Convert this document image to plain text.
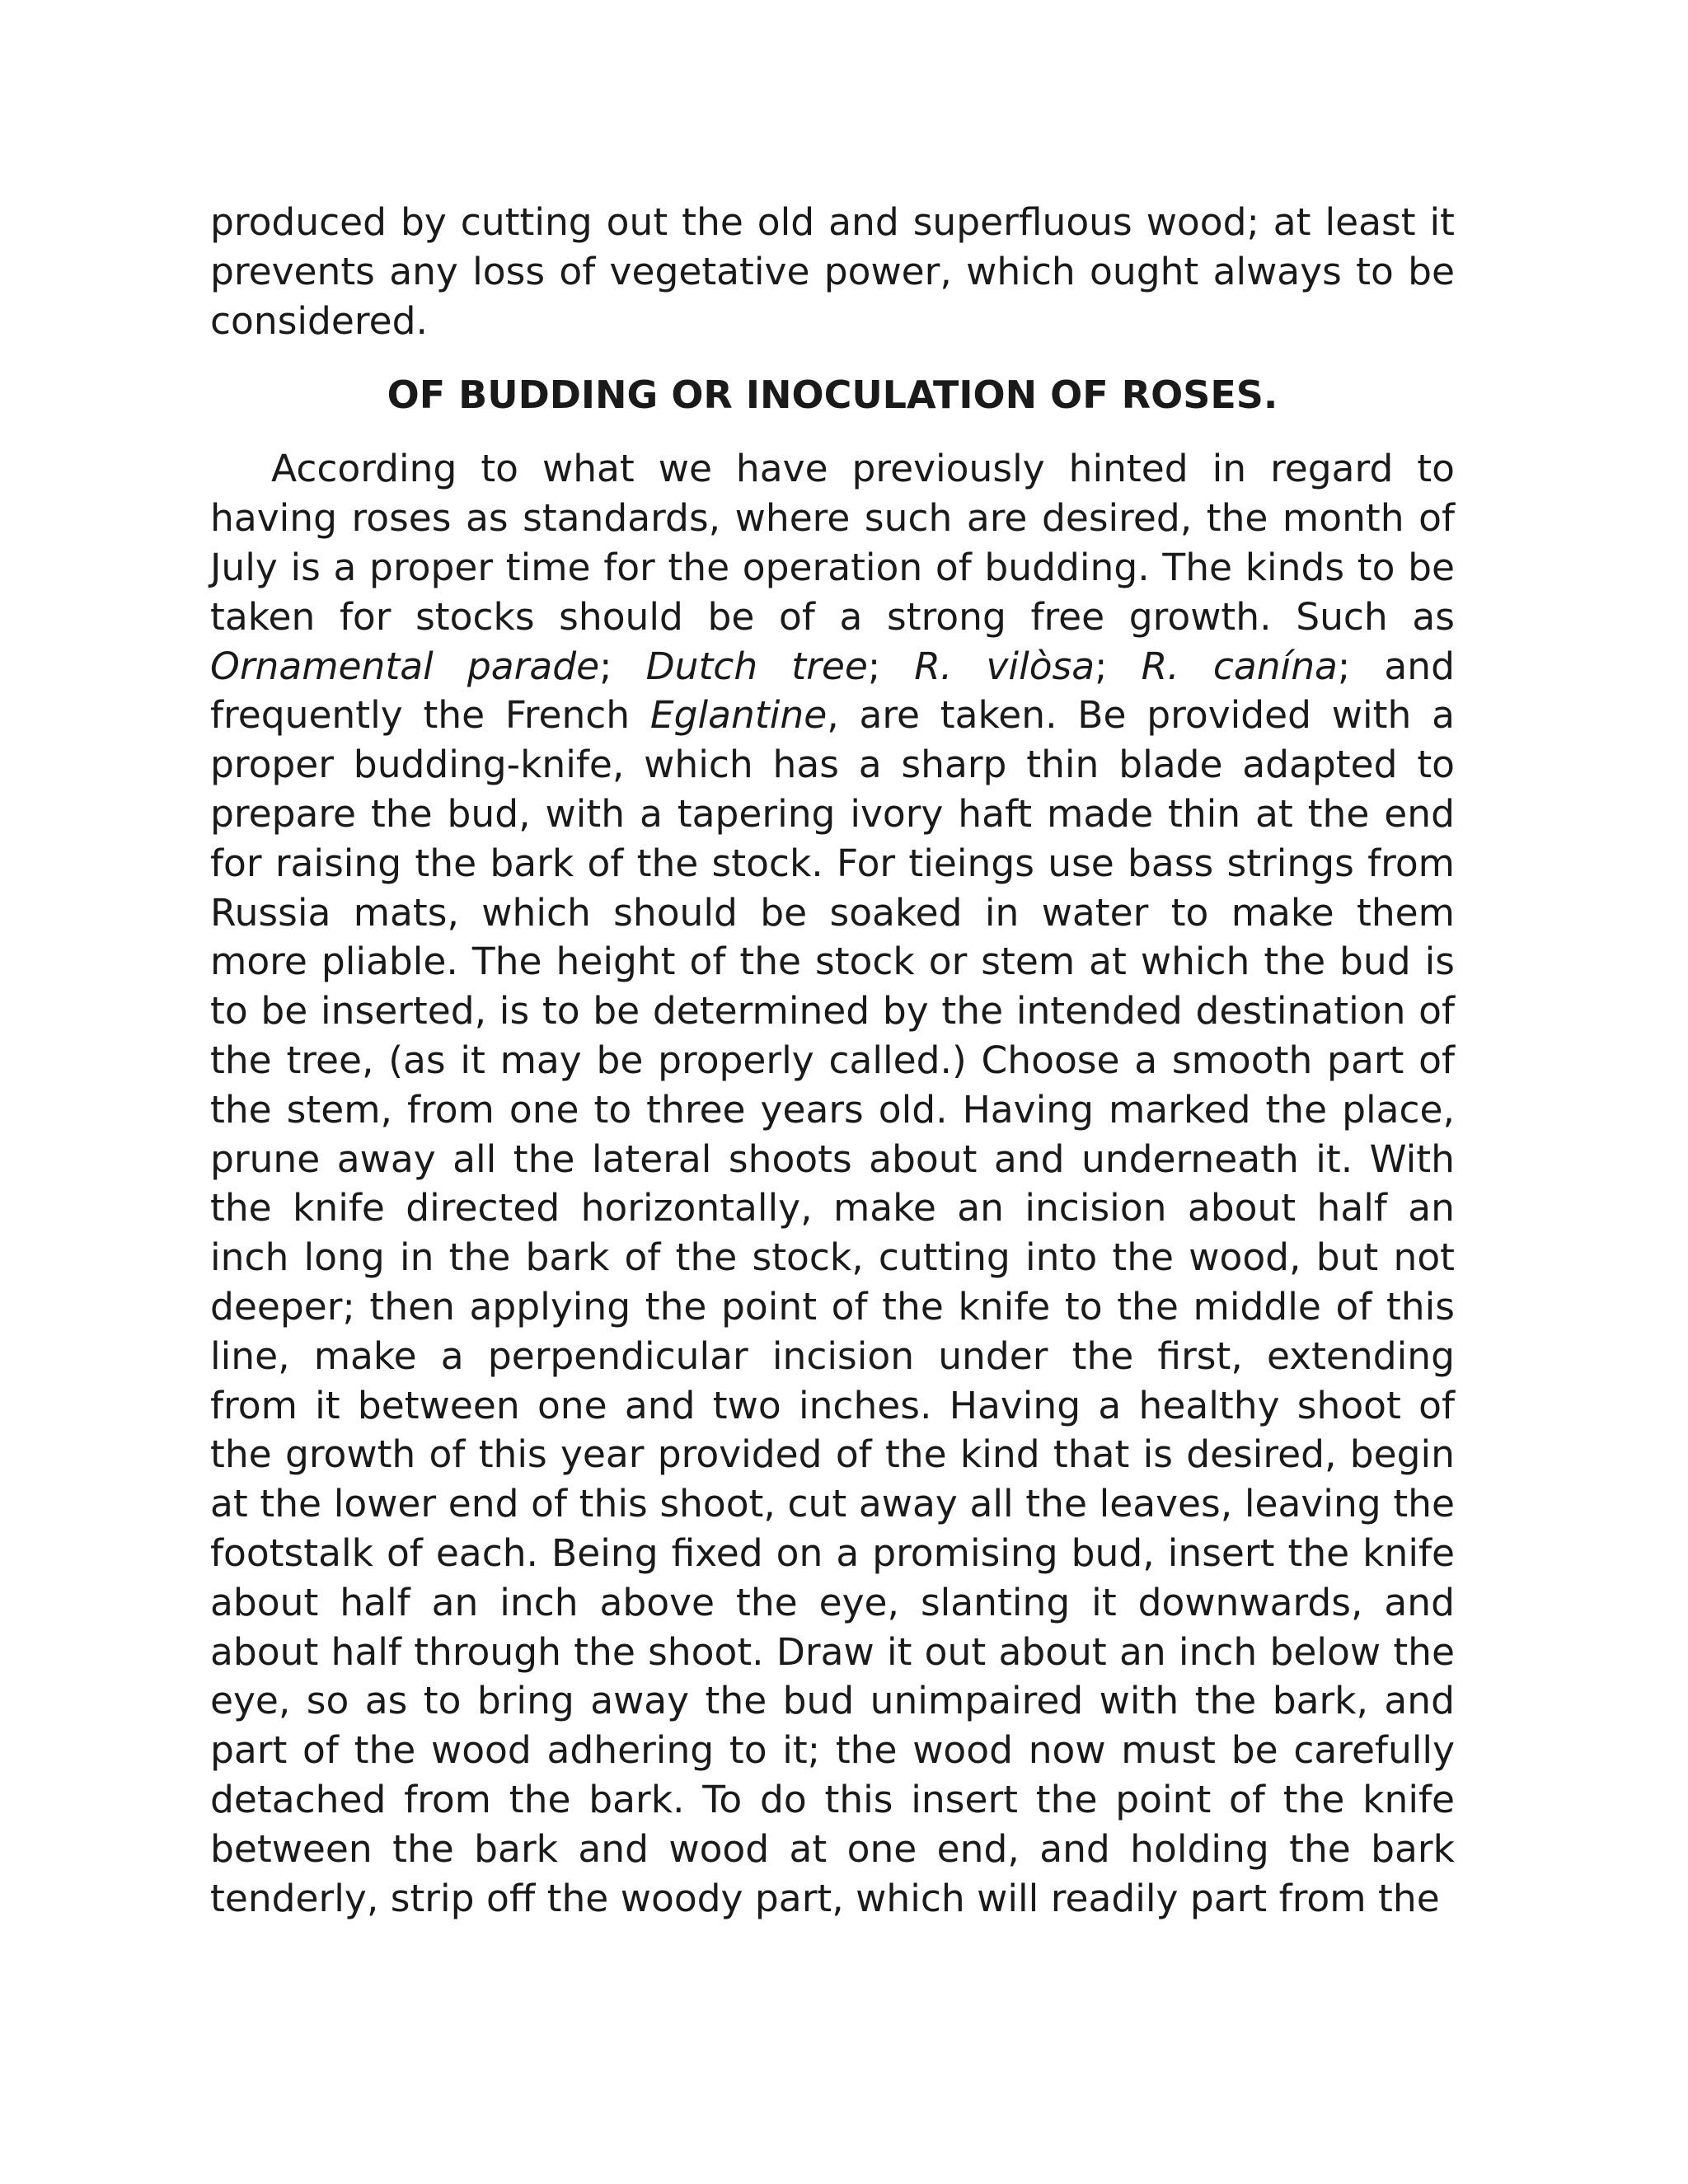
produced by cutting out the old and superfluous wood; at least it prevents any loss of vegetative power, which ought always to be considered.

OF BUDDING OR INOCULATION OF ROSES.

According to what we have previously hinted in regard to having roses as standards, where such are desired, the month of July is a proper time for the operation of budding. The kinds to be taken for stocks should be of a strong free growth. Such as Ornamental parade; Dutch tree; R. vilòsa; R. canína; and frequently the French Eglantine, are taken. Be provided with a proper budding-knife, which has a sharp thin blade adapted to prepare the bud, with a tapering ivory haft made thin at the end for raising the bark of the stock. For tieings use bass strings from Russia mats, which should be soaked in water to make them more pliable. The height of the stock or stem at which the bud is to be inserted, is to be determined by the intended destination of the tree, (as it may be properly called.) Choose a smooth part of the stem, from one to three years old. Having marked the place, prune away all the lateral shoots about and underneath it. With the knife directed horizontally, make an incision about half an inch long in the bark of the stock, cutting into the wood, but not deeper; then applying the point of the knife to the middle of this line, make a perpendicular incision under the first, extending from it between one and two inches. Having a healthy shoot of the growth of this year provided of the kind that is desired, begin at the lower end of this shoot, cut away all the leaves, leaving the footstalk of each. Being fixed on a promising bud, insert the knife about half an inch above the eye, slanting it downwards, and about half through the shoot. Draw it out about an inch below the eye, so as to bring away the bud unimpaired with the bark, and part of the wood adhering to it; the wood now must be carefully detached from the bark. To do this insert the point of the knife between the bark and wood at one end, and holding the bark tenderly, strip off the woody part, which will readily part from the
